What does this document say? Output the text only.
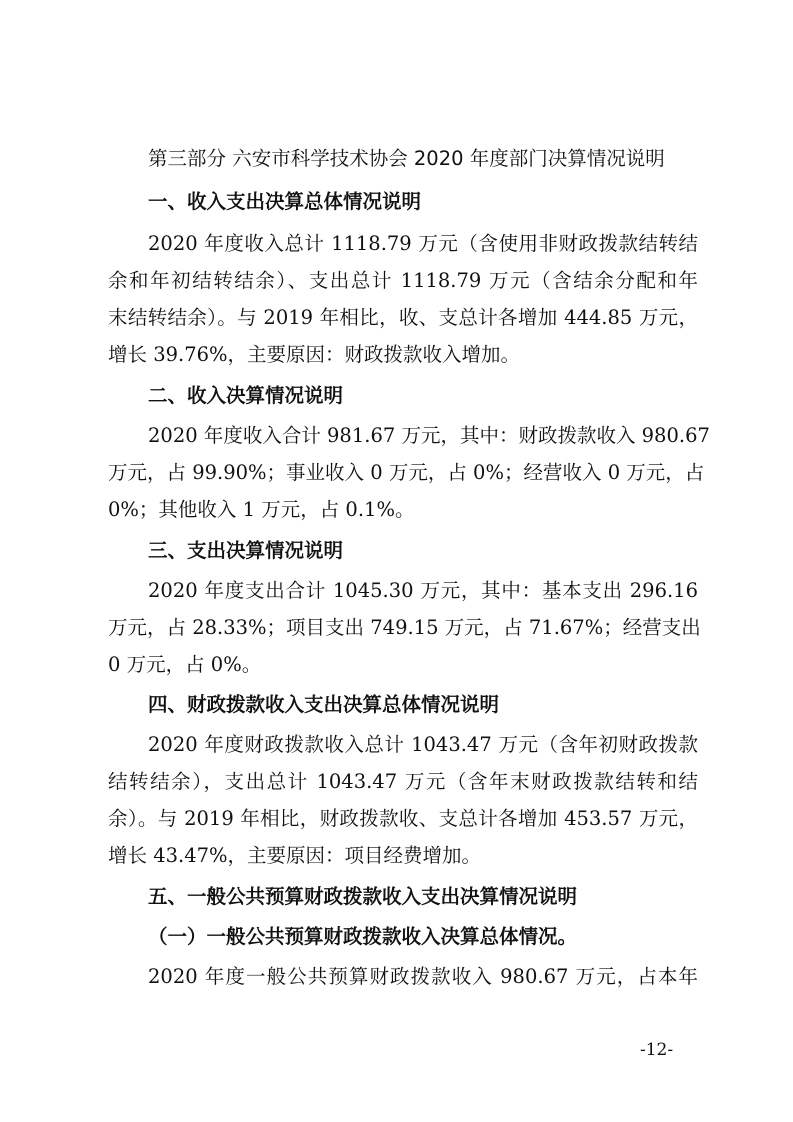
第三部分 六安市科学技术协会 2020 年度部门决算情况说明
一、收入支出决算总体情况说明
2020 年度收入总计 1118.79 万元（含使用非财政拨款结转结
余和年初结转结余）、支出总计 1118.79 万元（含结余分配和年
末结转结余）。与 2019 年相比，收、支总计各增加 444.85 万元，
增长 39.76%，主要原因：财政拨款收入增加。
二、收入决算情况说明
2020 年度收入合计 981.67 万元，其中：财政拨款收入 980.67
万元，占 99.90%；事业收入 0 万元，占 0%；经营收入 0 万元，占
0%；其他收入 1 万元，占 0.1%。
三、支出决算情况说明
2020 年度支出合计 1045.30 万元，其中：基本支出 296.16
万元，占 28.33%；项目支出 749.15 万元，占 71.67%；经营支出
0 万元，占 0%。
四、财政拨款收入支出决算总体情况说明
2020 年度财政拨款收入总计 1043.47 万元（含年初财政拨款
结转结余），支出总计 1043.47 万元（含年末财政拨款结转和结
余）。与 2019 年相比，财政拨款收、支总计各增加 453.57 万元，
增长 43.47%，主要原因：项目经费增加。
五、一般公共预算财政拨款收入支出决算情况说明
（一）一般公共预算财政拨款收入决算总体情况。
2020 年度一般公共预算财政拨款收入 980.67 万元，占本年
-12-
